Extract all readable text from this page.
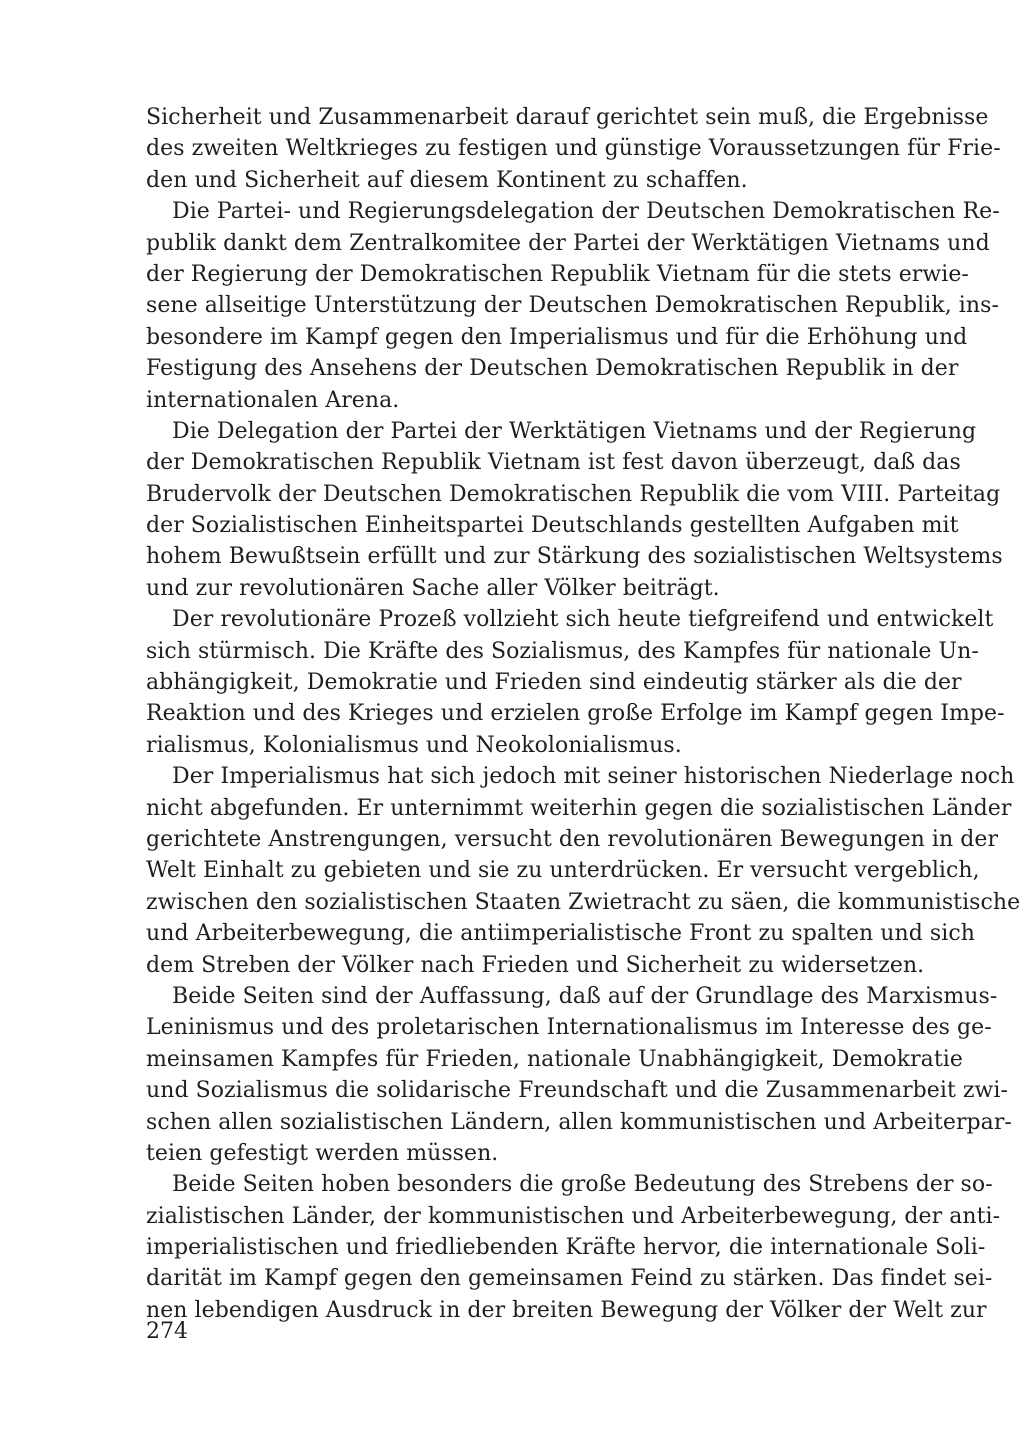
Sicherheit und Zusammenarbeit darauf gerichtet sein muß, die Ergebnisse
des zweiten Weltkrieges zu festigen und günstige Voraussetzungen für Frie-
den und Sicherheit auf diesem Kontinent zu schaffen.
Die Partei- und Regierungsdelegation der Deutschen Demokratischen Re-
publik dankt dem Zentralkomitee der Partei der Werktätigen Vietnams und
der Regierung der Demokratischen Republik Vietnam für die stets erwie-
sene allseitige Unterstützung der Deutschen Demokratischen Republik, ins-
besondere im Kampf gegen den Imperialismus und für die Erhöhung und
Festigung des Ansehens der Deutschen Demokratischen Republik in der
internationalen Arena.
Die Delegation der Partei der Werktätigen Vietnams und der Regierung
der Demokratischen Republik Vietnam ist fest davon überzeugt, daß das
Brudervolk der Deutschen Demokratischen Republik die vom VIII. Parteitag
der Sozialistischen Einheitspartei Deutschlands gestellten Aufgaben mit
hohem Bewußtsein erfüllt und zur Stärkung des sozialistischen Weltsystems
und zur revolutionären Sache aller Völker beiträgt.
Der revolutionäre Prozeß vollzieht sich heute tiefgreifend und entwickelt
sich stürmisch. Die Kräfte des Sozialismus, des Kampfes für nationale Un-
abhängigkeit, Demokratie und Frieden sind eindeutig stärker als die der
Reaktion und des Krieges und erzielen große Erfolge im Kampf gegen Impe-
rialismus, Kolonialismus und Neokolonialismus.
Der Imperialismus hat sich jedoch mit seiner historischen Niederlage noch
nicht abgefunden. Er unternimmt weiterhin gegen die sozialistischen Länder
gerichtete Anstrengungen, versucht den revolutionären Bewegungen in der
Welt Einhalt zu gebieten und sie zu unterdrücken. Er versucht vergeblich,
zwischen den sozialistischen Staaten Zwietracht zu säen, die kommunistische
und Arbeiterbewegung, die antiimperialistische Front zu spalten und sich
dem Streben der Völker nach Frieden und Sicherheit zu widersetzen.
Beide Seiten sind der Auffassung, daß auf der Grundlage des Marxismus-
Leninismus und des proletarischen Internationalismus im Interesse des ge-
meinsamen Kampfes für Frieden, nationale Unabhängigkeit, Demokratie
und Sozialismus die solidarische Freundschaft und die Zusammenarbeit zwi-
schen allen sozialistischen Ländern, allen kommunistischen und Arbeiterpar-
teien gefestigt werden müssen.
Beide Seiten hoben besonders die große Bedeutung des Strebens der so-
zialistischen Länder, der kommunistischen und Arbeiterbewegung, der anti-
imperialistischen und friedliebenden Kräfte hervor, die internationale Soli-
darität im Kampf gegen den gemeinsamen Feind zu stärken. Das findet sei-
nen lebendigen Ausdruck in der breiten Bewegung der Völker der Welt zur
274
